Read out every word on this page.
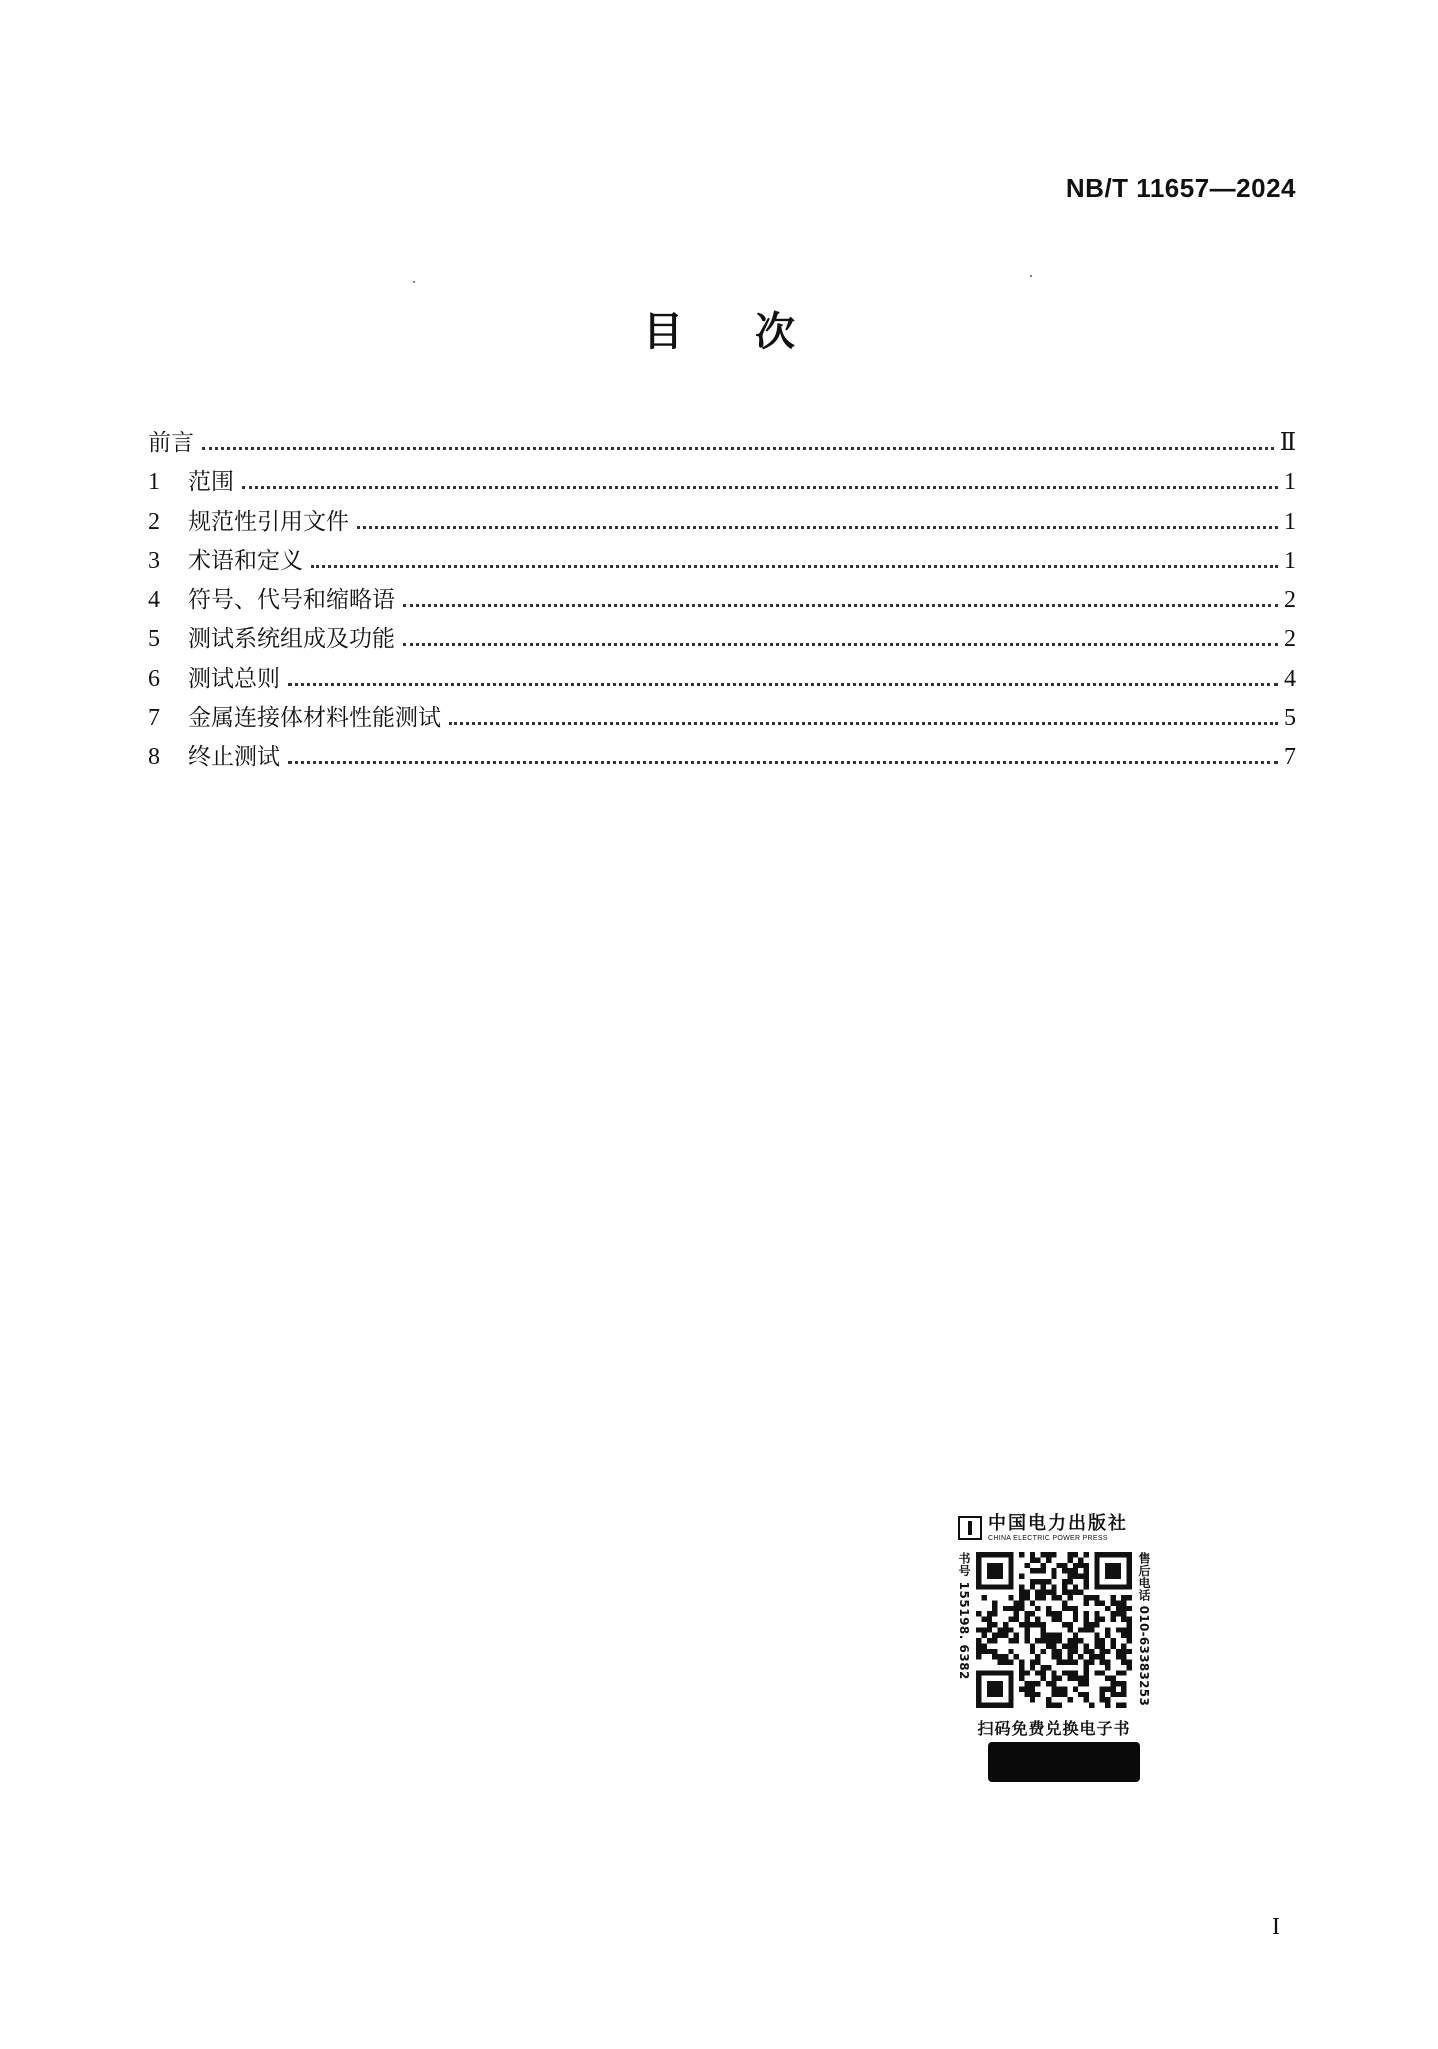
NB/T 11657—2024
目次
前言	Ⅱ
1	范围	1
2	规范性引用文件	1
3	术语和定义	1
4	符号、代号和缩略语	2
5	测试系统组成及功能	2
6	测试总则	4
7	金属连接体材料性能测试	5
8	终止测试	7
中国电力出版社
CHINA ELECTRIC POWER PRESS
书号 155198. 6382	售后电话 010-63383253
扫码免费兑换电子书
I
